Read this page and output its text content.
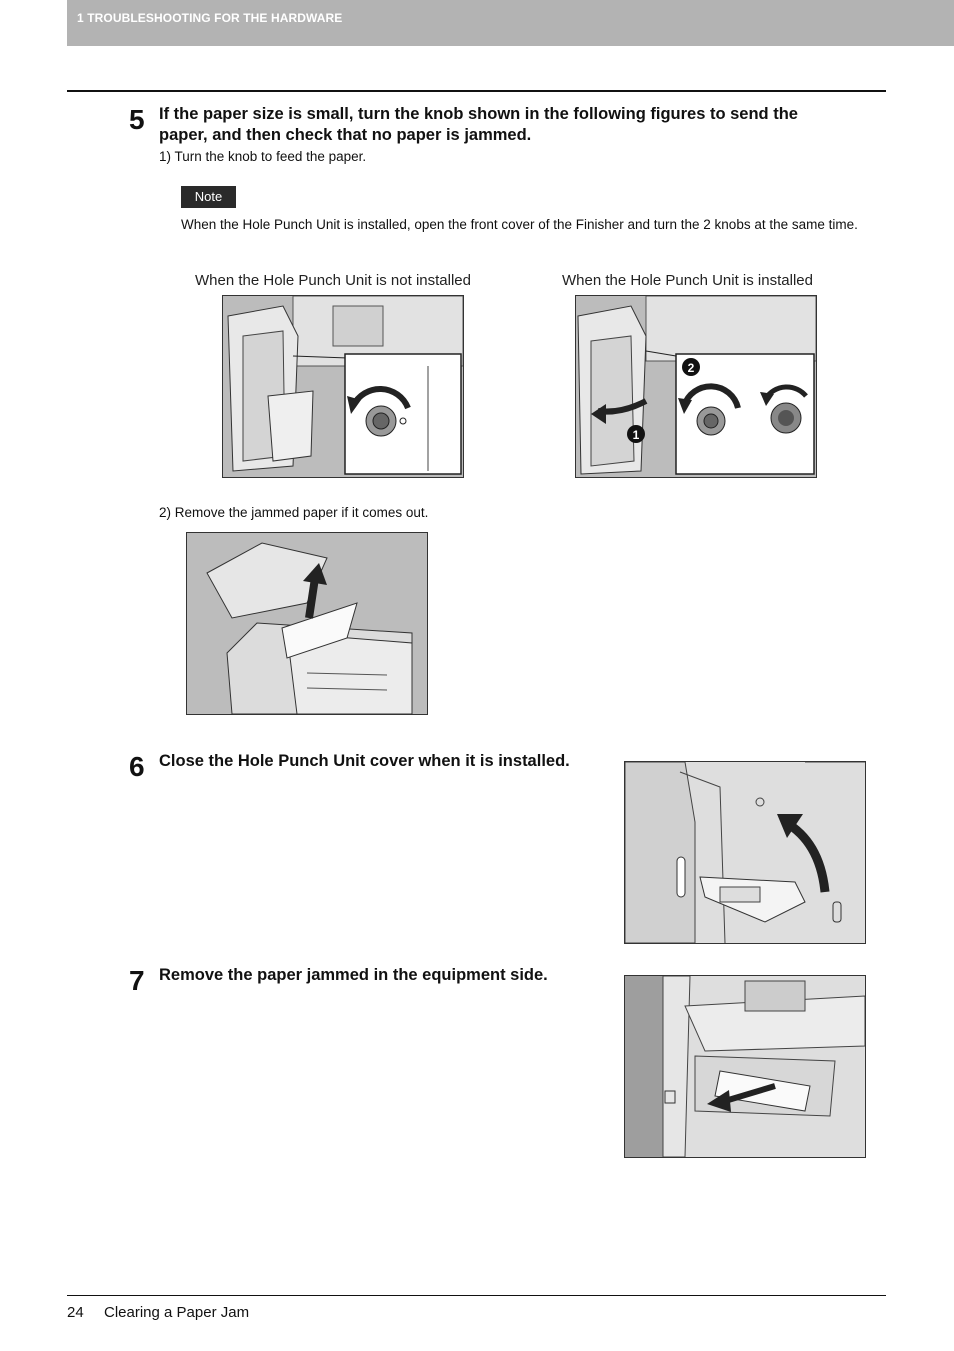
1 TROUBLESHOOTING FOR THE HARDWARE
5 If the paper size is small, turn the knob shown in the following figures to send the
paper, and then check that no paper is jammed.
1) Turn the knob to feed the paper.
Note
When the Hole Punch Unit is installed, open the front cover of the Finisher and turn the 2 knobs at the same time.
When the Hole Punch Unit is not installed	When the Hole Punch Unit is installed
1
2
2) Remove the jammed paper if it comes out.
6 Close the Hole Punch Unit cover when it is installed.
7 Remove the paper jammed in the equipment side.
24 Clearing a Paper Jam
